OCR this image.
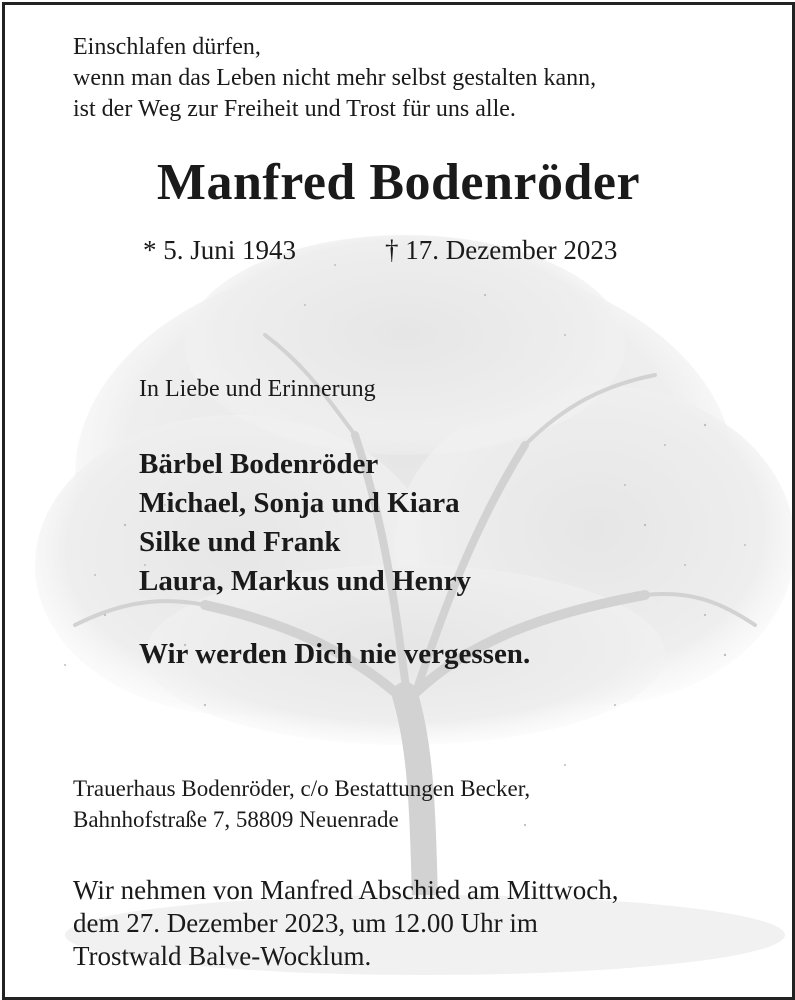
Einschlafen dürfen,
wenn man das Leben nicht mehr selbst gestalten kann,
ist der Weg zur Freiheit und Trost für uns alle.
Manfred Bodenröder
* 5. Juni 1943	† 17. Dezember 2023
In Liebe und Erinnerung
Bärbel Bodenröder
Michael, Sonja und Kiara
Silke und Frank
Laura, Markus und Henry
Wir werden Dich nie vergessen.
Trauerhaus Bodenröder, c/o Bestattungen Becker,
Bahnhofstraße 7, 58809 Neuenrade
Wir nehmen von Manfred Abschied am Mittwoch,
dem 27. Dezember 2023, um 12.00 Uhr im
Trostwald Balve-Wocklum.
